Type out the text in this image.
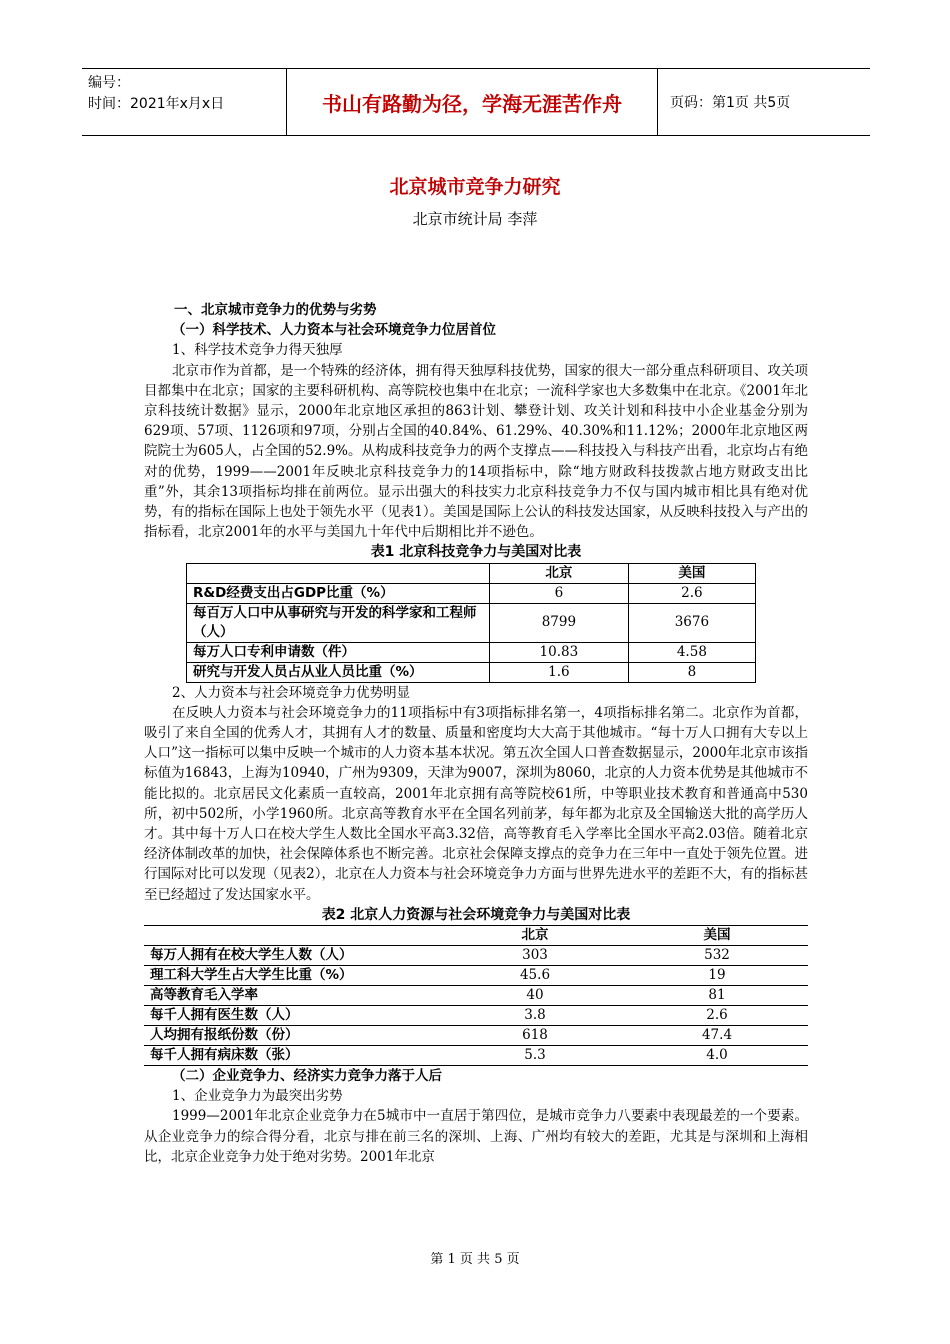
编号：
时间：2021年x月x日	书山有路勤为径，学海无涯苦作舟	页码：第1页 共5页
北京城市竞争力研究
北京市统计局 李萍
一、北京城市竞争力的优势与劣势
（一）科学技术、人力资本与社会环境竞争力位居首位
1、科学技术竞争力得天独厚

北京市作为首都，是一个特殊的经济体，拥有得天独厚科技优势，国家的很大一部分重点科研项目、攻关项目都集中在北京；国家的主要科研机构、高等院校也集中在北京；一流科学家也大多数集中在北京。《2001年北京科技统计数据》显示，2000年北京地区承担的863计划、攀登计划、攻关计划和科技中小企业基金分别为629项、57项、1126项和97项，分别占全国的40.84%、61.29%、40.30%和11.12%；2000年北京地区两院院士为605人，占全国的52.9%。从构成科技竞争力的两个支撑点——科技投入与科技产出看，北京均占有绝对的优势，1999——2001年反映北京科技竞争力的14项指标中，除“地方财政科技拨款占地方财政支出比重”外，其余13项指标均排在前两位。显示出强大的科技实力北京科技竞争力不仅与国内城市相比具有绝对优势，有的指标在国际上也处于领先水平（见表1）。美国是国际上公认的科技发达国家，从反映科技投入与产出的指标看，北京2001年的水平与美国九十年代中后期相比并不逊色。

表1 北京科技竞争力与美国对比表
	北京	美国
R&D经费支出占GDP比重（%）	6	2.6
每百万人口中从事研究与开发的科学家和工程师（人）	8799	3676
每万人口专利申请数（件）	10.83	4.58
研究与开发人员占从业人员比重（%）	1.6	8
2、人力资本与社会环境竞争力优势明显

在反映人力资本与社会环境竞争力的11项指标中有3项指标排名第一，4项指标排名第二。北京作为首都，吸引了来自全国的优秀人才，其拥有人才的数量、质量和密度均大大高于其他城市。“每十万人口拥有大专以上人口”这一指标可以集中反映一个城市的人力资本基本状况。第五次全国人口普查数据显示，2000年北京市该指标值为16843，上海为10940，广州为9309，天津为9007，深圳为8060，北京的人力资本优势是其他城市不能比拟的。北京居民文化素质一直较高，2001年北京拥有高等院校61所，中等职业技术教育和普通高中530所，初中502所，小学1960所。北京高等教育水平在全国名列前茅，每年都为北京及全国输送大批的高学历人才。其中每十万人口在校大学生人数比全国水平高3.32倍，高等教育毛入学率比全国水平高2.03倍。随着北京经济体制改革的加快，社会保障体系也不断完善。北京社会保障支撑点的竞争力在三年中一直处于领先位置。进行国际对比可以发现（见表2），北京在人力资本与社会环境竞争力方面与世界先进水平的差距不大，有的指标甚至已经超过了发达国家水平。

表2 北京人力资源与社会环境竞争力与美国对比表
	北京	美国
每万人拥有在校大学生人数（人）	303	532
理工科大学生占大学生比重（%）	45.6	19
高等教育毛入学率	40	81
每千人拥有医生数（人）	3.8	2.6
人均拥有报纸份数（份）	618	47.4
每千人拥有病床数（张）	5.3	4.0
（二）企业竞争力、经济实力竞争力落于人后
1、企业竞争力为最突出劣势

1999—2001年北京企业竞争力在5城市中一直居于第四位，是城市竞争力八要素中表现最差的一个要素。从企业竞争力的综合得分看，北京与排在前三名的深圳、上海、广州均有较大的差距，尤其是与深圳和上海相比，北京企业竞争力处于绝对劣势。2001年北京

第 1 页 共 5 页
